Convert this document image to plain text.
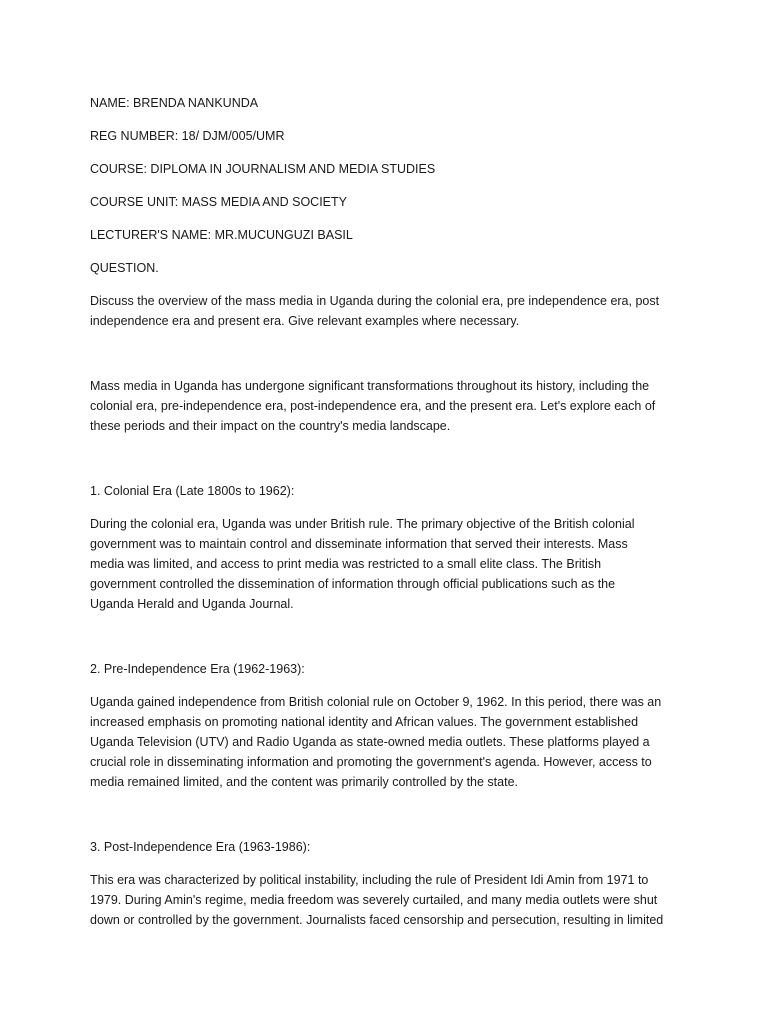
NAME: BRENDA NANKUNDA

REG NUMBER: 18/ DJM/005/UMR

COURSE: DIPLOMA IN JOURNALISM AND MEDIA STUDIES

COURSE UNIT: MASS MEDIA AND SOCIETY

LECTURER'S NAME: MR.MUCUNGUZI BASIL

QUESTION.

Discuss the overview of the mass media in Uganda during the colonial era, pre independence era, post

independence era and present era. Give relevant examples where necessary.

Mass media in Uganda has undergone significant transformations throughout its history, including the

colonial era, pre-independence era, post-independence era, and the present era. Let's explore each of

these periods and their impact on the country's media landscape.

1. Colonial Era (Late 1800s to 1962):

During the colonial era, Uganda was under British rule. The primary objective of the British colonial

government was to maintain control and disseminate information that served their interests. Mass

media was limited, and access to print media was restricted to a small elite class. The British

government controlled the dissemination of information through official publications such as the

Uganda Herald and Uganda Journal.

2. Pre-Independence Era (1962-1963):

Uganda gained independence from British colonial rule on October 9, 1962. In this period, there was an

increased emphasis on promoting national identity and African values. The government established

Uganda Television (UTV) and Radio Uganda as state-owned media outlets. These platforms played a

crucial role in disseminating information and promoting the government's agenda. However, access to

media remained limited, and the content was primarily controlled by the state.

3. Post-Independence Era (1963-1986):

This era was characterized by political instability, including the rule of President Idi Amin from 1971 to

1979. During Amin's regime, media freedom was severely curtailed, and many media outlets were shut

down or controlled by the government. Journalists faced censorship and persecution, resulting in limited
